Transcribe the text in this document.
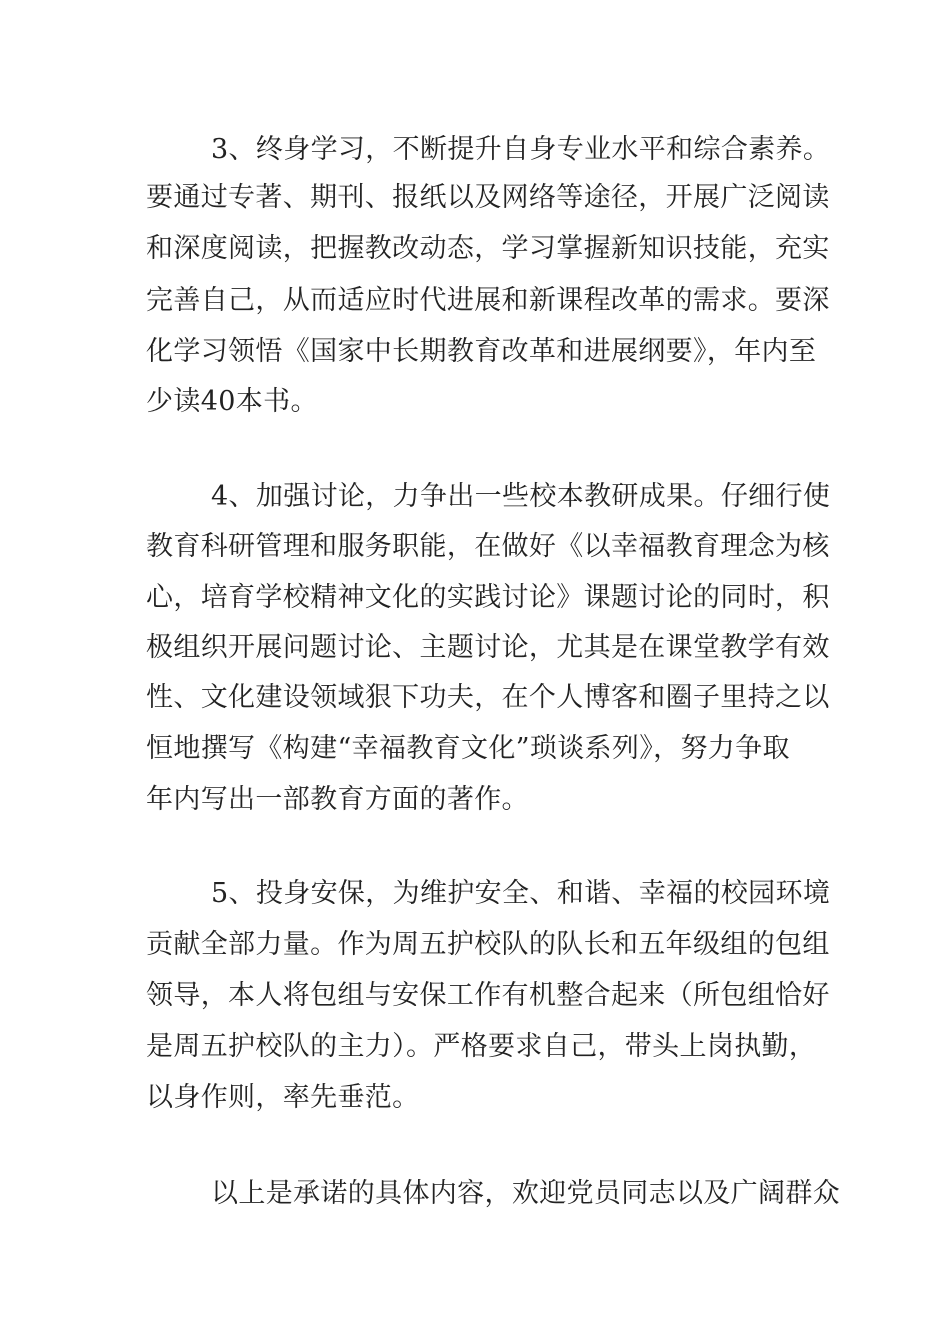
3、终身学习，不断提升自身专业水平和综合素养。
要通过专著、期刊、报纸以及网络等途径，开展广泛阅读
和深度阅读，把握教改动态，学习掌握新知识技能，充实
完善自己，从而适应时代进展和新课程改革的需求。要深
化学习领悟《国家中长期教育改革和进展纲要》，年内至
少读40本书。
4、加强讨论，力争出一些校本教研成果。仔细行使
教育科研管理和服务职能，在做好《以幸福教育理念为核
心，培育学校精神文化的实践讨论》课题讨论的同时，积
极组织开展问题讨论、主题讨论，尤其是在课堂教学有效
性、文化建设领域狠下功夫，在个人博客和圈子里持之以
恒地撰写《构建“幸福教育文化”琐谈系列》，努力争取
年内写出一部教育方面的著作。
5、投身安保，为维护安全、和谐、幸福的校园环境
贡献全部力量。作为周五护校队的队长和五年级组的包组
领导，本人将包组与安保工作有机整合起来（所包组恰好
是周五护校队的主力）。严格要求自己，带头上岗执勤，
以身作则，率先垂范。
以上是承诺的具体内容，欢迎党员同志以及广阔群众
